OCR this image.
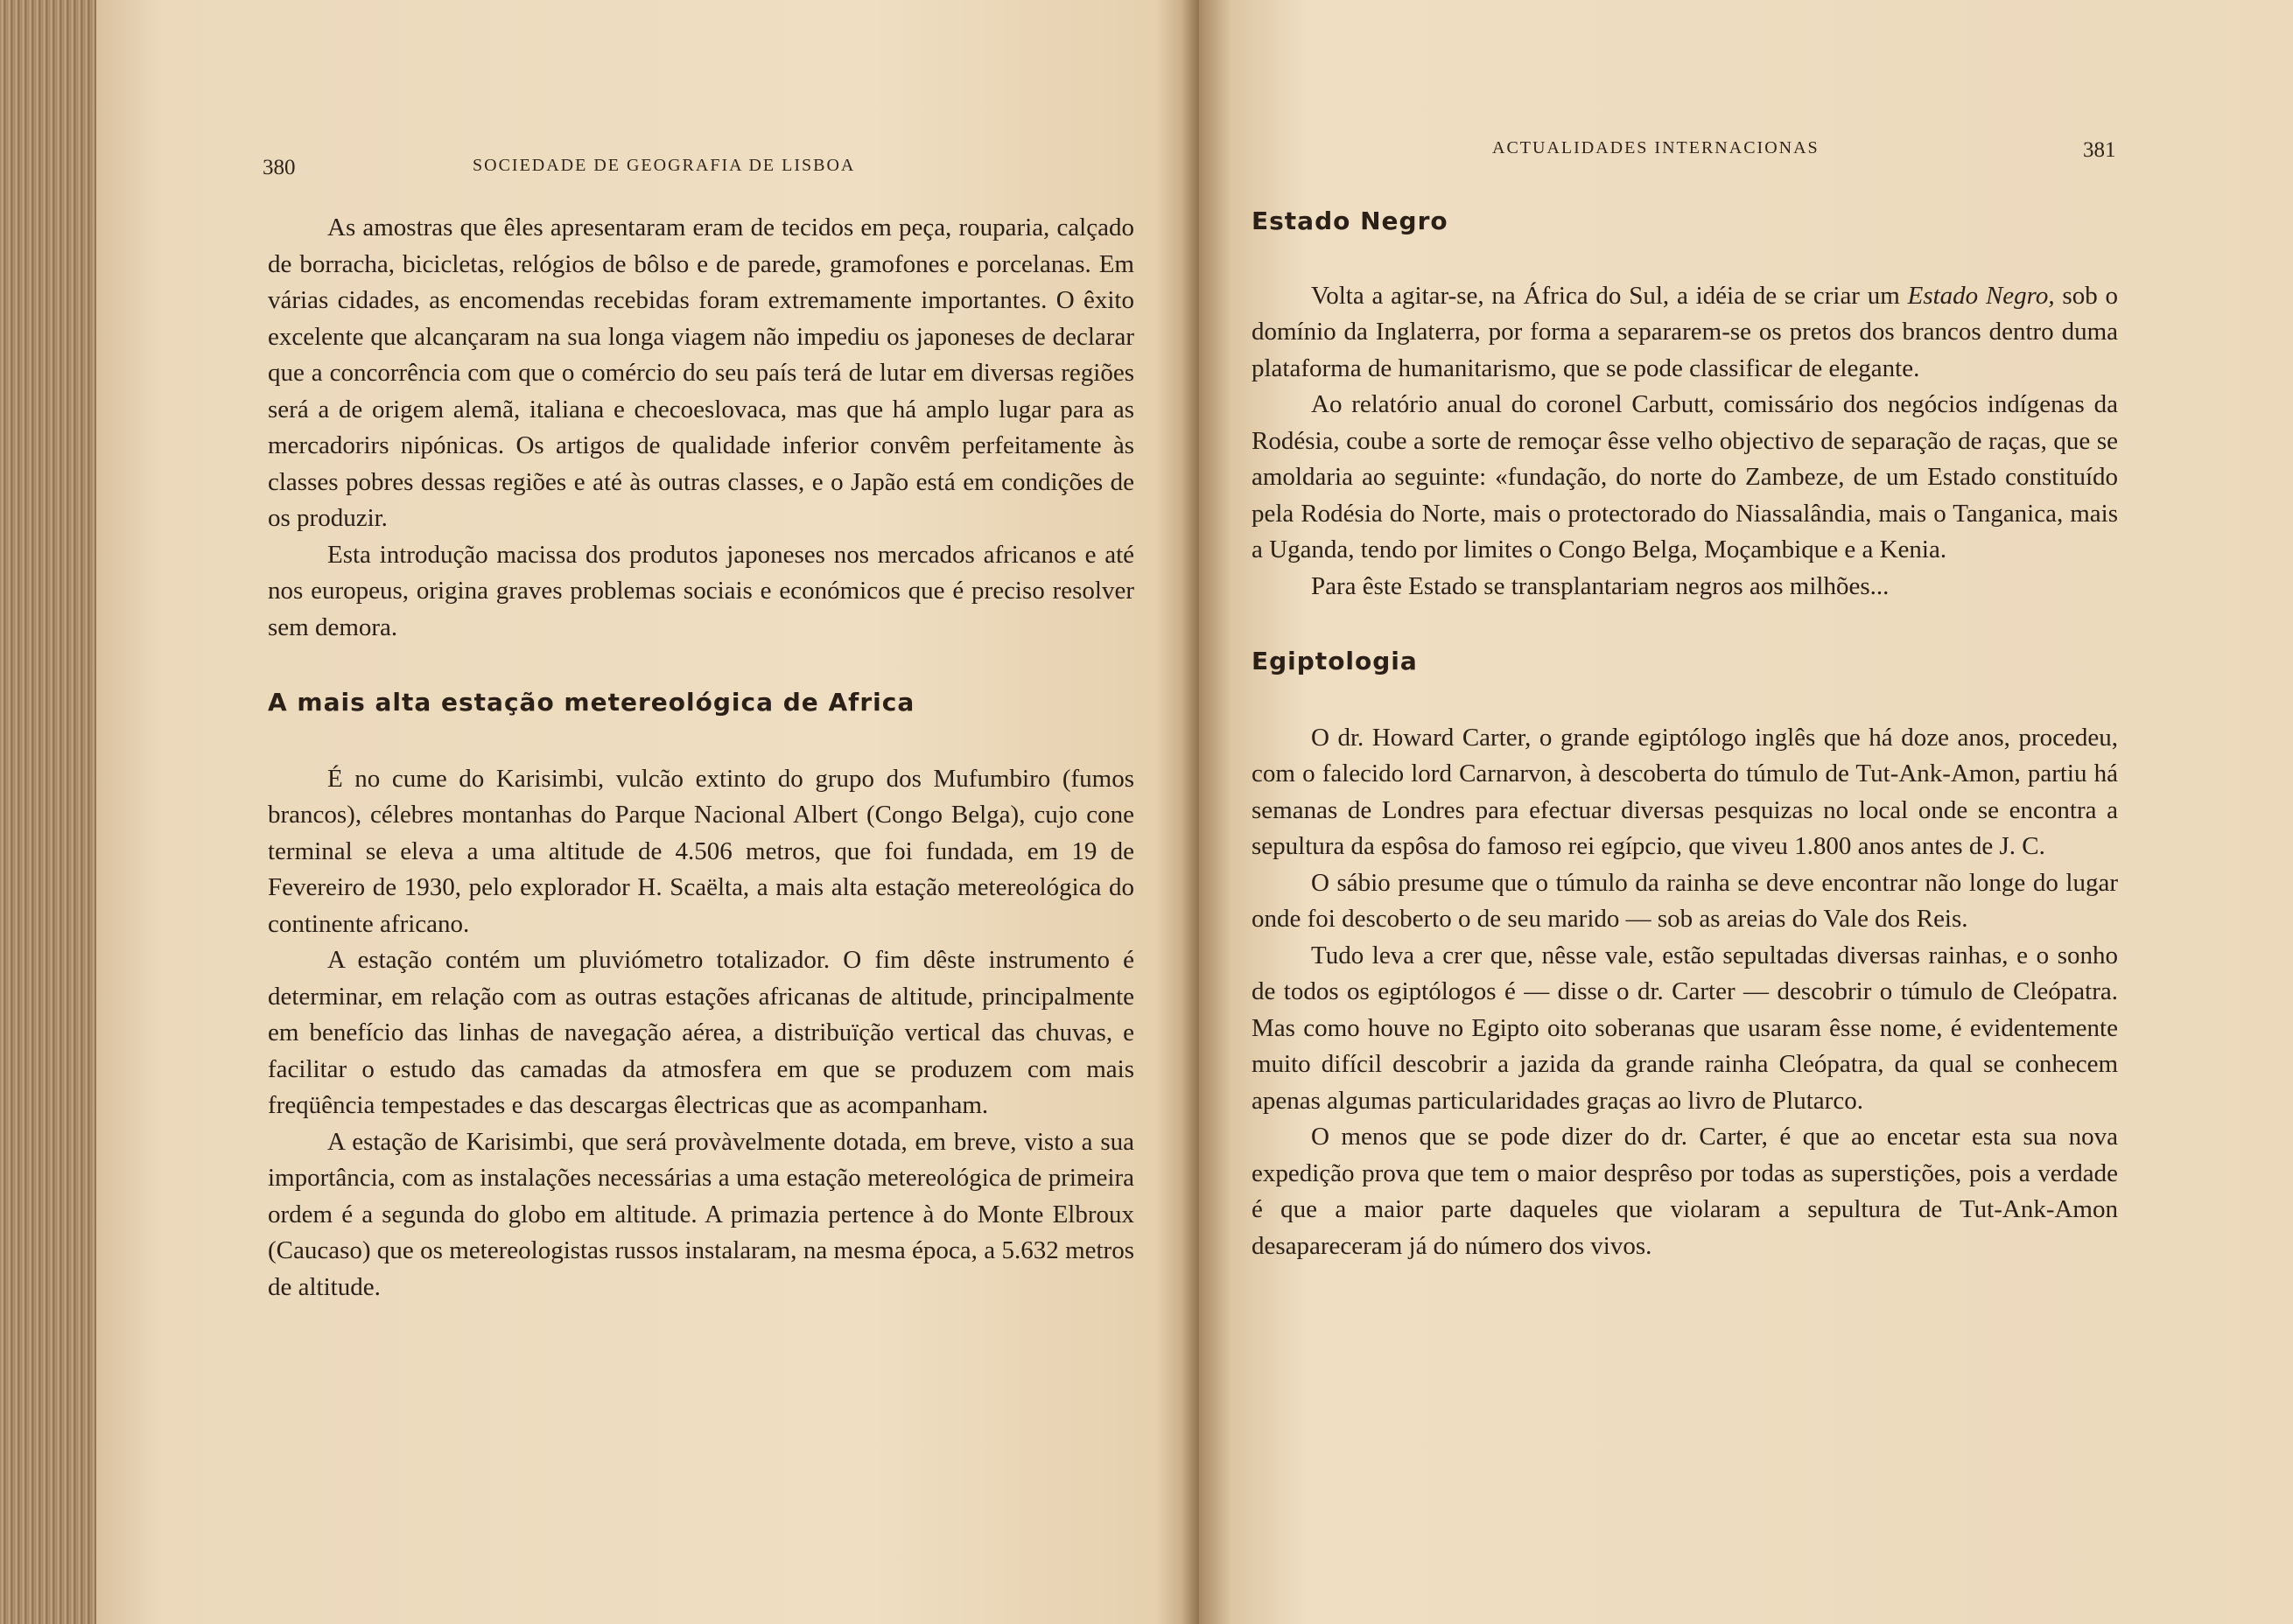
380	SOCIEDADE DE GEOGRAFIA DE LISBOA

As amostras que êles apresentaram eram de tecidos em peça, rouparia, calçado de borracha, bicicletas, relógios de bôlso e de parede, gramofones e porcelanas. Em várias cidades, as encomendas recebidas foram extremamente importantes. O êxito excelente que alcançaram na sua longa viagem não impediu os japoneses de declarar que a concorrência com que o comércio do seu país terá de lutar em diversas regiões será a de origem alemã, italiana e checoeslovaca, mas que há amplo lugar para as mercadorirs nipónicas. Os artigos de qualidade inferior convêm perfeitamente às classes pobres dessas regiões e até às outras classes, e o Japão está em condições de os produzir.

Esta introdução macissa dos produtos japoneses nos mercados africanos e até nos europeus, origina graves problemas sociais e económicos que é preciso resolver sem demora.

A mais alta estação metereológica de Africa

É no cume do Karisimbi, vulcão extinto do grupo dos Mufumbiro (fumos brancos), célebres montanhas do Parque Nacional Albert (Congo Belga), cujo cone terminal se eleva a uma altitude de 4.506 metros, que foi fundada, em 19 de Fevereiro de 1930, pelo explorador H. Scaëlta, a mais alta estação metereológica do continente africano.

A estação contém um pluviómetro totalizador. O fim dêste instrumento é determinar, em relação com as outras estações africanas de altitude, principalmente em benefício das linhas de navegação aérea, a distribuïção vertical das chuvas, e facilitar o estudo das camadas da atmosfera em que se produzem com mais freqüência tempestades e das descargas êlectricas que as acompanham.

A estação de Karisimbi, que será provàvelmente dotada, em breve, visto a sua importância, com as instalações necessárias a uma estação metereológica de primeira ordem é a segunda do globo em altitude. A primazia pertence à do Monte Elbroux (Caucaso) que os metereologistas russos instalaram, na mesma época, a 5.632 metros de altitude.

ACTUALIDADES INTERNACIONAS	381
Estado Negro

Volta a agitar-se, na África do Sul, a idéia de se criar um Estado Negro, sob o domínio da Inglaterra, por forma a separarem-se os pretos dos brancos dentro duma plataforma de humanitarismo, que se pode classificar de elegante.

Ao relatório anual do coronel Carbutt, comissário dos negócios indígenas da Rodésia, coube a sorte de remoçar êsse velho objectivo de separação de raças, que se amoldaria ao seguinte: «fundação, do norte do Zambeze, de um Estado constituído pela Rodésia do Norte, mais o protectorado do Niassalândia, mais o Tanganica, mais a Uganda, tendo por limites o Congo Belga, Moçambique e a Kenia.

Para êste Estado se transplantariam negros aos milhões...

Egiptologia

O dr. Howard Carter, o grande egiptólogo inglês que há doze anos, procedeu, com o falecido lord Carnarvon, à descoberta do túmulo de Tut-Ank-Amon, partiu há semanas de Londres para efectuar diversas pesquizas no local onde se encontra a sepultura da espôsa do famoso rei egípcio, que viveu 1.800 anos antes de J. C.

O sábio presume que o túmulo da rainha se deve encontrar não longe do lugar onde foi descoberto o de seu marido — sob as areias do Vale dos Reis.

Tudo leva a crer que, nêsse vale, estão sepultadas diversas rainhas, e o sonho de todos os egiptólogos é — disse o dr. Carter — descobrir o túmulo de Cleópatra. Mas como houve no Egipto oito soberanas que usaram êsse nome, é evidentemente muito difícil descobrir a jazida da grande rainha Cleópatra, da qual se conhecem apenas algumas particularidades graças ao livro de Plutarco.

O menos que se pode dizer do dr. Carter, é que ao encetar esta sua nova expedição prova que tem o maior desprêso por todas as superstições, pois a verdade é que a maior parte daqueles que violaram a sepultura de Tut-Ank-Amon desapareceram já do número dos vivos.
